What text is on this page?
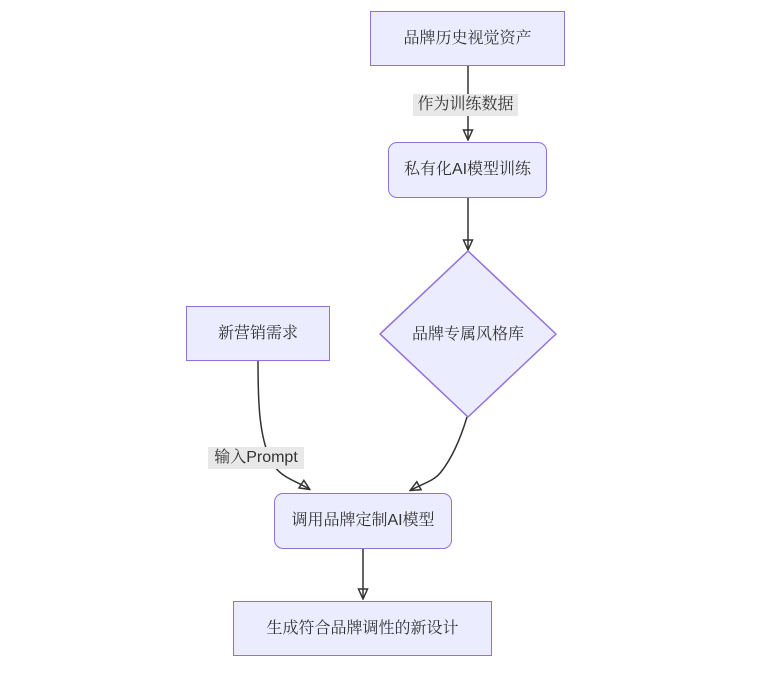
品牌历史视觉资产
私有化AI模型训练
品牌专属风格库
新营销需求
调用品牌定制AI模型
生成符合品牌调性的新设计
作为训练数据
输入Prompt
